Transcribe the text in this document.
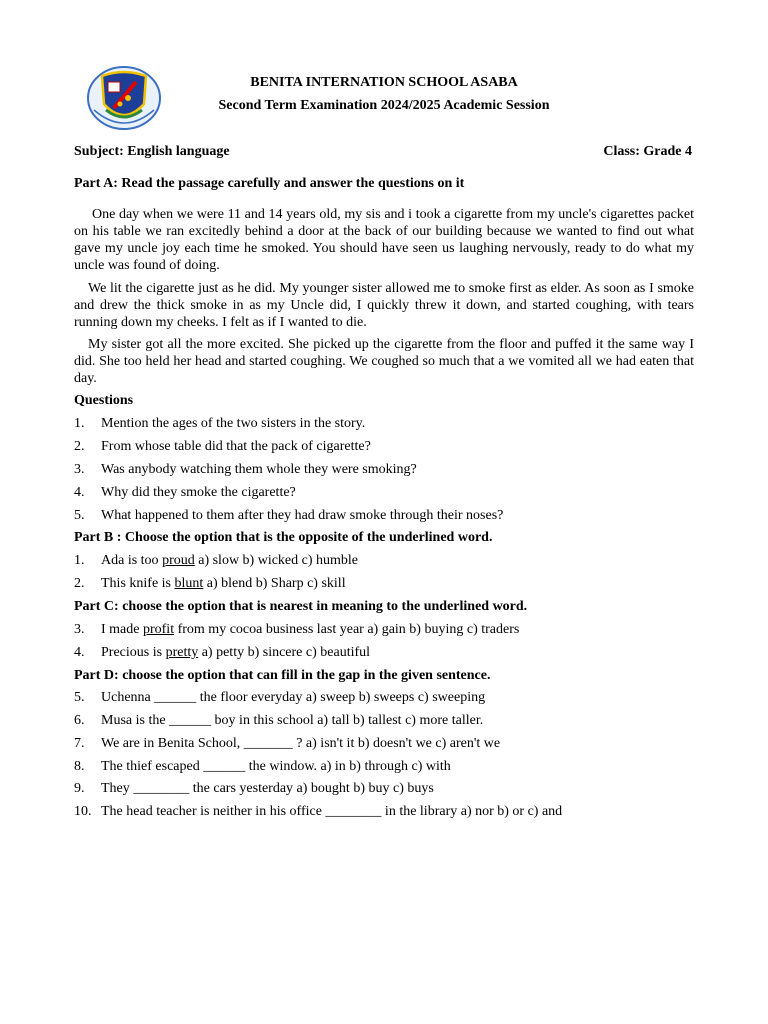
BENITA INTERNATION SCHOOL ASABA
Second Term Examination 2024/2025 Academic Session
Subject: English language	Class: Grade 4
Part A: Read the passage carefully and answer the questions on it

One day when we were 11 and 14 years old, my sis and i took a cigarette from my uncle's cigarettes packet on his table we ran excitedly behind a door at the back of our building because we wanted to find out what gave my uncle joy each time he smoked. You should have seen us laughing nervously, ready to do what my uncle was found of doing.

We lit the cigarette just as he did. My younger sister allowed me to smoke first as elder. As soon as I smoke and drew the thick smoke in as my Uncle did, I quickly threw it down, and started coughing, with tears running down my cheeks. I felt as if I wanted to die.

My sister got all the more excited. She picked up the cigarette from the floor and puffed it the same way I did. She too held her head and started coughing. We coughed so much that a we vomited all we had eaten that day.

Questions
1. Mention the ages of the two sisters in the story.
2. From whose table did that the pack of cigarette?
3. Was anybody watching them whole they were smoking?
4. Why did they smoke the cigarette?
5. What happened to them after they had draw smoke through their noses?
Part B : Choose the option that is the opposite of the underlined word.
1. Ada is too proud a) slow b) wicked c) humble
2. This knife is blunt a) blend b) Sharp c) skill
Part C: choose the option that is nearest in meaning to the underlined word.
3. I made profit from my cocoa business last year a) gain b) buying c) traders
4. Precious is pretty a) petty b) sincere c) beautiful
Part D: choose the option that can fill in the gap in the given sentence.
5. Uchenna ______ the floor everyday a) sweep b) sweeps c) sweeping
6. Musa is the ______ boy in this school a) tall b) tallest c) more taller.
7. We are in Benita School, _______ ? a) isn't it b) doesn't we c) aren't we
8. The thief escaped ______ the window. a) in b) through c) with
9. They ________ the cars yesterday a) bought b) buy c) buys
10. The head teacher is neither in his office ________ in the library a) nor b) or c) and
